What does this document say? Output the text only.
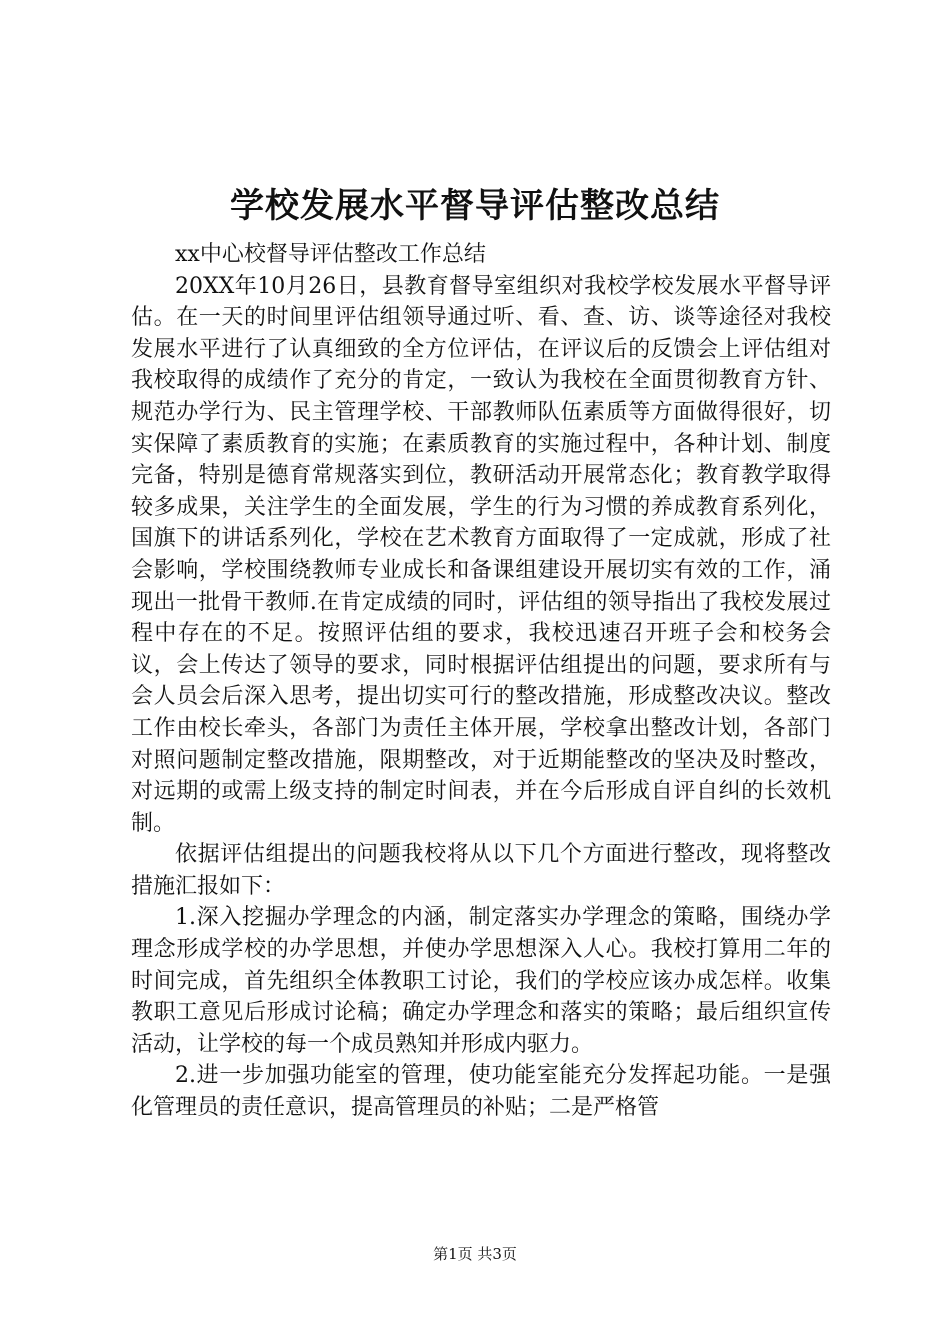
学校发展水平督导评估整改总结

xx中心校督导评估整改工作总结

20XX年10月26日，县教育督导室组织对我校学校发展水平督导评估。在一天的时间里评估组领导通过听、看、查、访、谈等途径对我校发展水平进行了认真细致的全方位评估，在评议后的反馈会上评估组对我校取得的成绩作了充分的肯定，一致认为我校在全面贯彻教育方针、规范办学行为、民主管理学校、干部教师队伍素质等方面做得很好，切实保障了素质教育的实施；在素质教育的实施过程中，各种计划、制度完备，特别是德育常规落实到位，教研活动开展常态化；教育教学取得较多成果，关注学生的全面发展，学生的行为习惯的养成教育系列化，国旗下的讲话系列化，学校在艺术教育方面取得了一定成就，形成了社会影响，学校围绕教师专业成长和备课组建设开展切实有效的工作，涌现出一批骨干教师.在肯定成绩的同时，评估组的领导指出了我校发展过程中存在的不足。按照评估组的要求，我校迅速召开班子会和校务会议，会上传达了领导的要求，同时根据评估组提出的问题，要求所有与会人员会后深入思考，提出切实可行的整改措施，形成整改决议。整改工作由校长牵头，各部门为责任主体开展，学校拿出整改计划，各部门对照问题制定整改措施，限期整改，对于近期能整改的坚决及时整改，对远期的或需上级支持的制定时间表，并在今后形成自评自纠的长效机制。

依据评估组提出的问题我校将从以下几个方面进行整改，现将整改措施汇报如下：

1.深入挖掘办学理念的内涵，制定落实办学理念的策略，围绕办学理念形成学校的办学思想，并使办学思想深入人心。我校打算用二年的时间完成，首先组织全体教职工讨论，我们的学校应该办成怎样。收集教职工意见后形成讨论稿；确定办学理念和落实的策略；最后组织宣传活动，让学校的每一个成员熟知并形成内驱力。

2.进一步加强功能室的管理，使功能室能充分发挥起功能。一是强化管理员的责任意识，提高管理员的补贴；二是严格管

第1页 共3页
